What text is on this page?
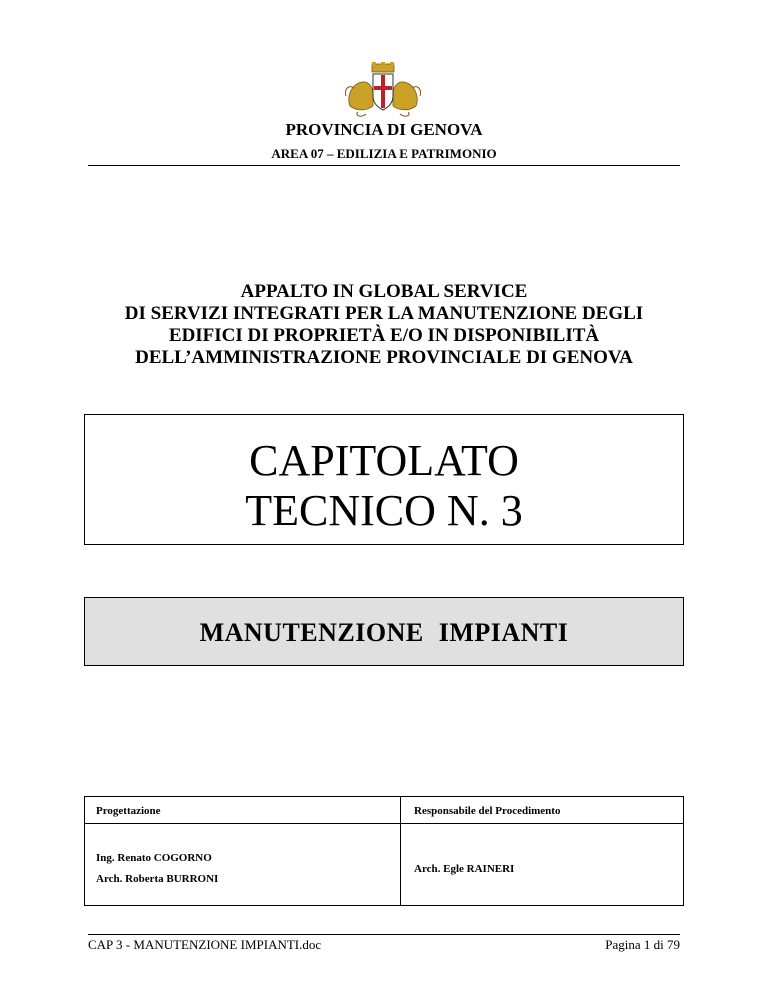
PROVINCIA DI GENOVA
AREA 07 – EDILIZIA E PATRIMONIO
APPALTO IN GLOBAL SERVICE
DI SERVIZI INTEGRATI PER LA MANUTENZIONE DEGLI
EDIFICI DI PROPRIETÀ E/O IN DISPONIBILITÀ
DELL’AMMINISTRAZIONE PROVINCIALE DI GENOVA
CAPITOLATO
TECNICO N. 3
MANUTENZIONE IMPIANTI
Progettazione	Responsabile del Procedimento
Ing. Renato COGORNO
Arch. Roberta BURRONI
Arch. Egle RAINERI
CAP 3 - MANUTENZIONE IMPIANTI.doc	Pagina 1 di 79
